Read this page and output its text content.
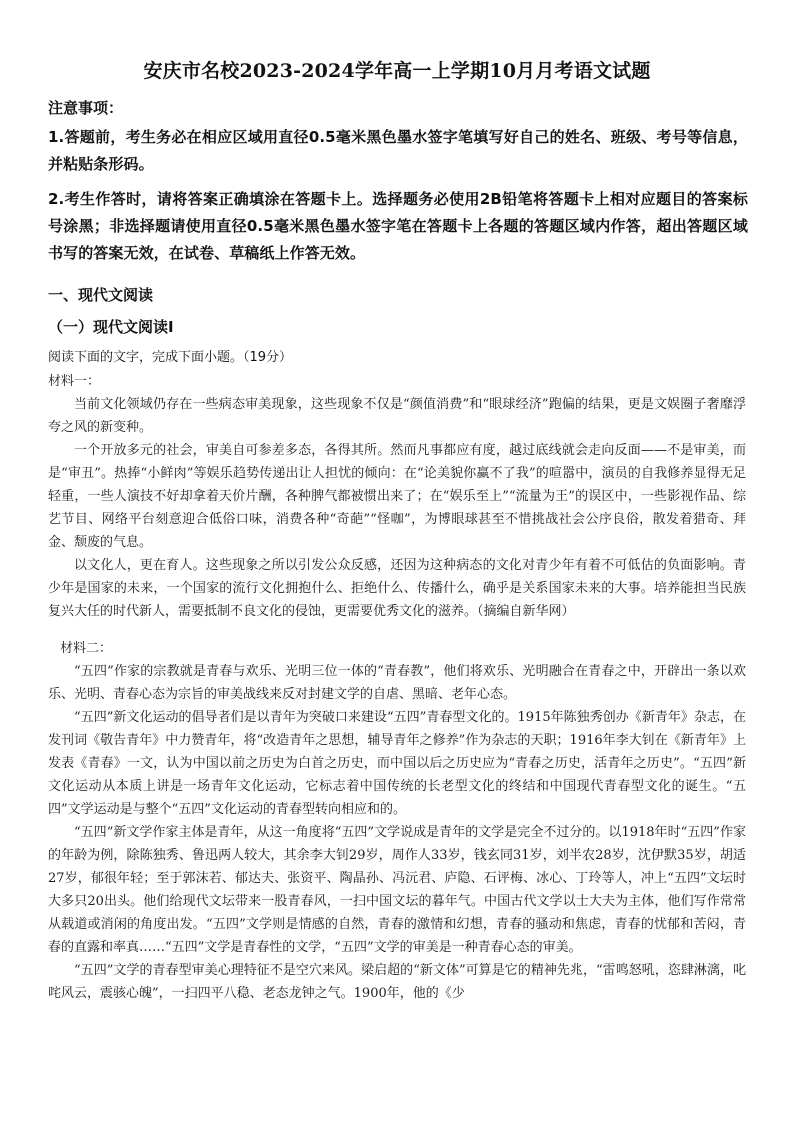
安庆市名校2023-2024学年高一上学期10月月考语文试题
注意事项：
1.答题前，考生务必在相应区域用直径0.5毫米黑色墨水签字笔填写好自己的姓名、班级、考号等信息，并粘贴条形码。
2.考生作答时，请将答案正确填涂在答题卡上。选择题务必使用2B铅笔将答题卡上相对应题目的答案标号涂黑；非选择题请使用直径0.5毫米黑色墨水签字笔在答题卡上各题的答题区域内作答，超出答题区域书写的答案无效，在试卷、草稿纸上作答无效。
一、现代文阅读
（一）现代文阅读Ⅰ
阅读下面的文字，完成下面小题。（19分）
材料一：

当前文化领域仍存在一些病态审美现象，这些现象不仅是“颜值消费”和“眼球经济”跑偏的结果，更是文娱圈子奢靡浮夸之风的新变种。

一个开放多元的社会，审美自可参差多态，各得其所。然而凡事都应有度，越过底线就会走向反面——不是审美，而是“审丑”。热捧“小鲜肉”等娱乐趋势传递出让人担忧的倾向：在“论美貌你赢不了我”的喧嚣中，演员的自我修养显得无足轻重，一些人演技不好却拿着天价片酬，各种脾气都被惯出来了；在“娱乐至上”“流量为王”的误区中，一些影视作品、综艺节目、网络平台刻意迎合低俗口味，消费各种“奇葩”“怪咖”，为博眼球甚至不惜挑战社会公序良俗，散发着猎奇、拜金、颓废的气息。

以文化人，更在育人。这些现象之所以引发公众反感，还因为这种病态的文化对青少年有着不可低估的负面影响。青少年是国家的未来，一个国家的流行文化拥抱什么、拒绝什么、传播什么，确乎是关系国家未来的大事。培养能担当民族复兴大任的时代新人，需要抵制不良文化的侵蚀，更需要优秀文化的滋养。（摘编自新华网）

材料二：

“五四”作家的宗教就是青春与欢乐、光明三位一体的“青春教”，他们将欢乐、光明融合在青春之中，开辟出一条以欢乐、光明、青春心态为宗旨的审美战线来反对封建文学的自虐、黑暗、老年心态。

“五四”新文化运动的倡导者们是以青年为突破口来建设“五四”青春型文化的。1915年陈独秀创办《新青年》杂志，在发刊词《敬告青年》中力赞青年，将“改造青年之思想，辅导青年之修养”作为杂志的天职；1916年李大钊在《新青年》上发表《青春》一文，认为中国以前之历史为白首之历史，而中国以后之历史应为“青春之历史，活青年之历史”。“五四”新文化运动从本质上讲是一场青年文化运动，它标志着中国传统的长老型文化的终结和中国现代青春型文化的诞生。“五四”文学运动是与整个“五四”文化运动的青春型转向相应和的。

“五四”新文学作家主体是青年，从这一角度将“五四”文学说成是青年的文学是完全不过分的。以1918年时“五四”作家的年龄为例，除陈独秀、鲁迅两人较大，其余李大钊29岁，周作人33岁，钱玄同31岁，刘半农28岁，沈伊默35岁，胡适27岁，郁很年轻；至于郭沫若、郁达夫、张资平、陶晶孙、冯沅君、庐隐、石评梅、冰心、丁玲等人，冲上“五四”文坛时大多只20出头。他们给现代文坛带来一股青春风，一扫中国文坛的暮年气。中国古代文学以士大夫为主体，他们写作常常从载道或消闲的角度出发。“五四”文学则是情感的自然，青春的激情和幻想，青春的骚动和焦虑，青春的忧郁和苦闷，青春的直露和率真……“五四”文学是青春性的文学，“五四”文学的审美是一种青春心态的审美。

“五四”文学的青春型审美心理特征不是空穴来风。梁启超的“新文体”可算是它的精神先兆，“雷鸣怒吼，恣肆淋漓，叱咤风云，震骇心魄”，一扫四平八稳、老态龙钟之气。1900年，他的《少
